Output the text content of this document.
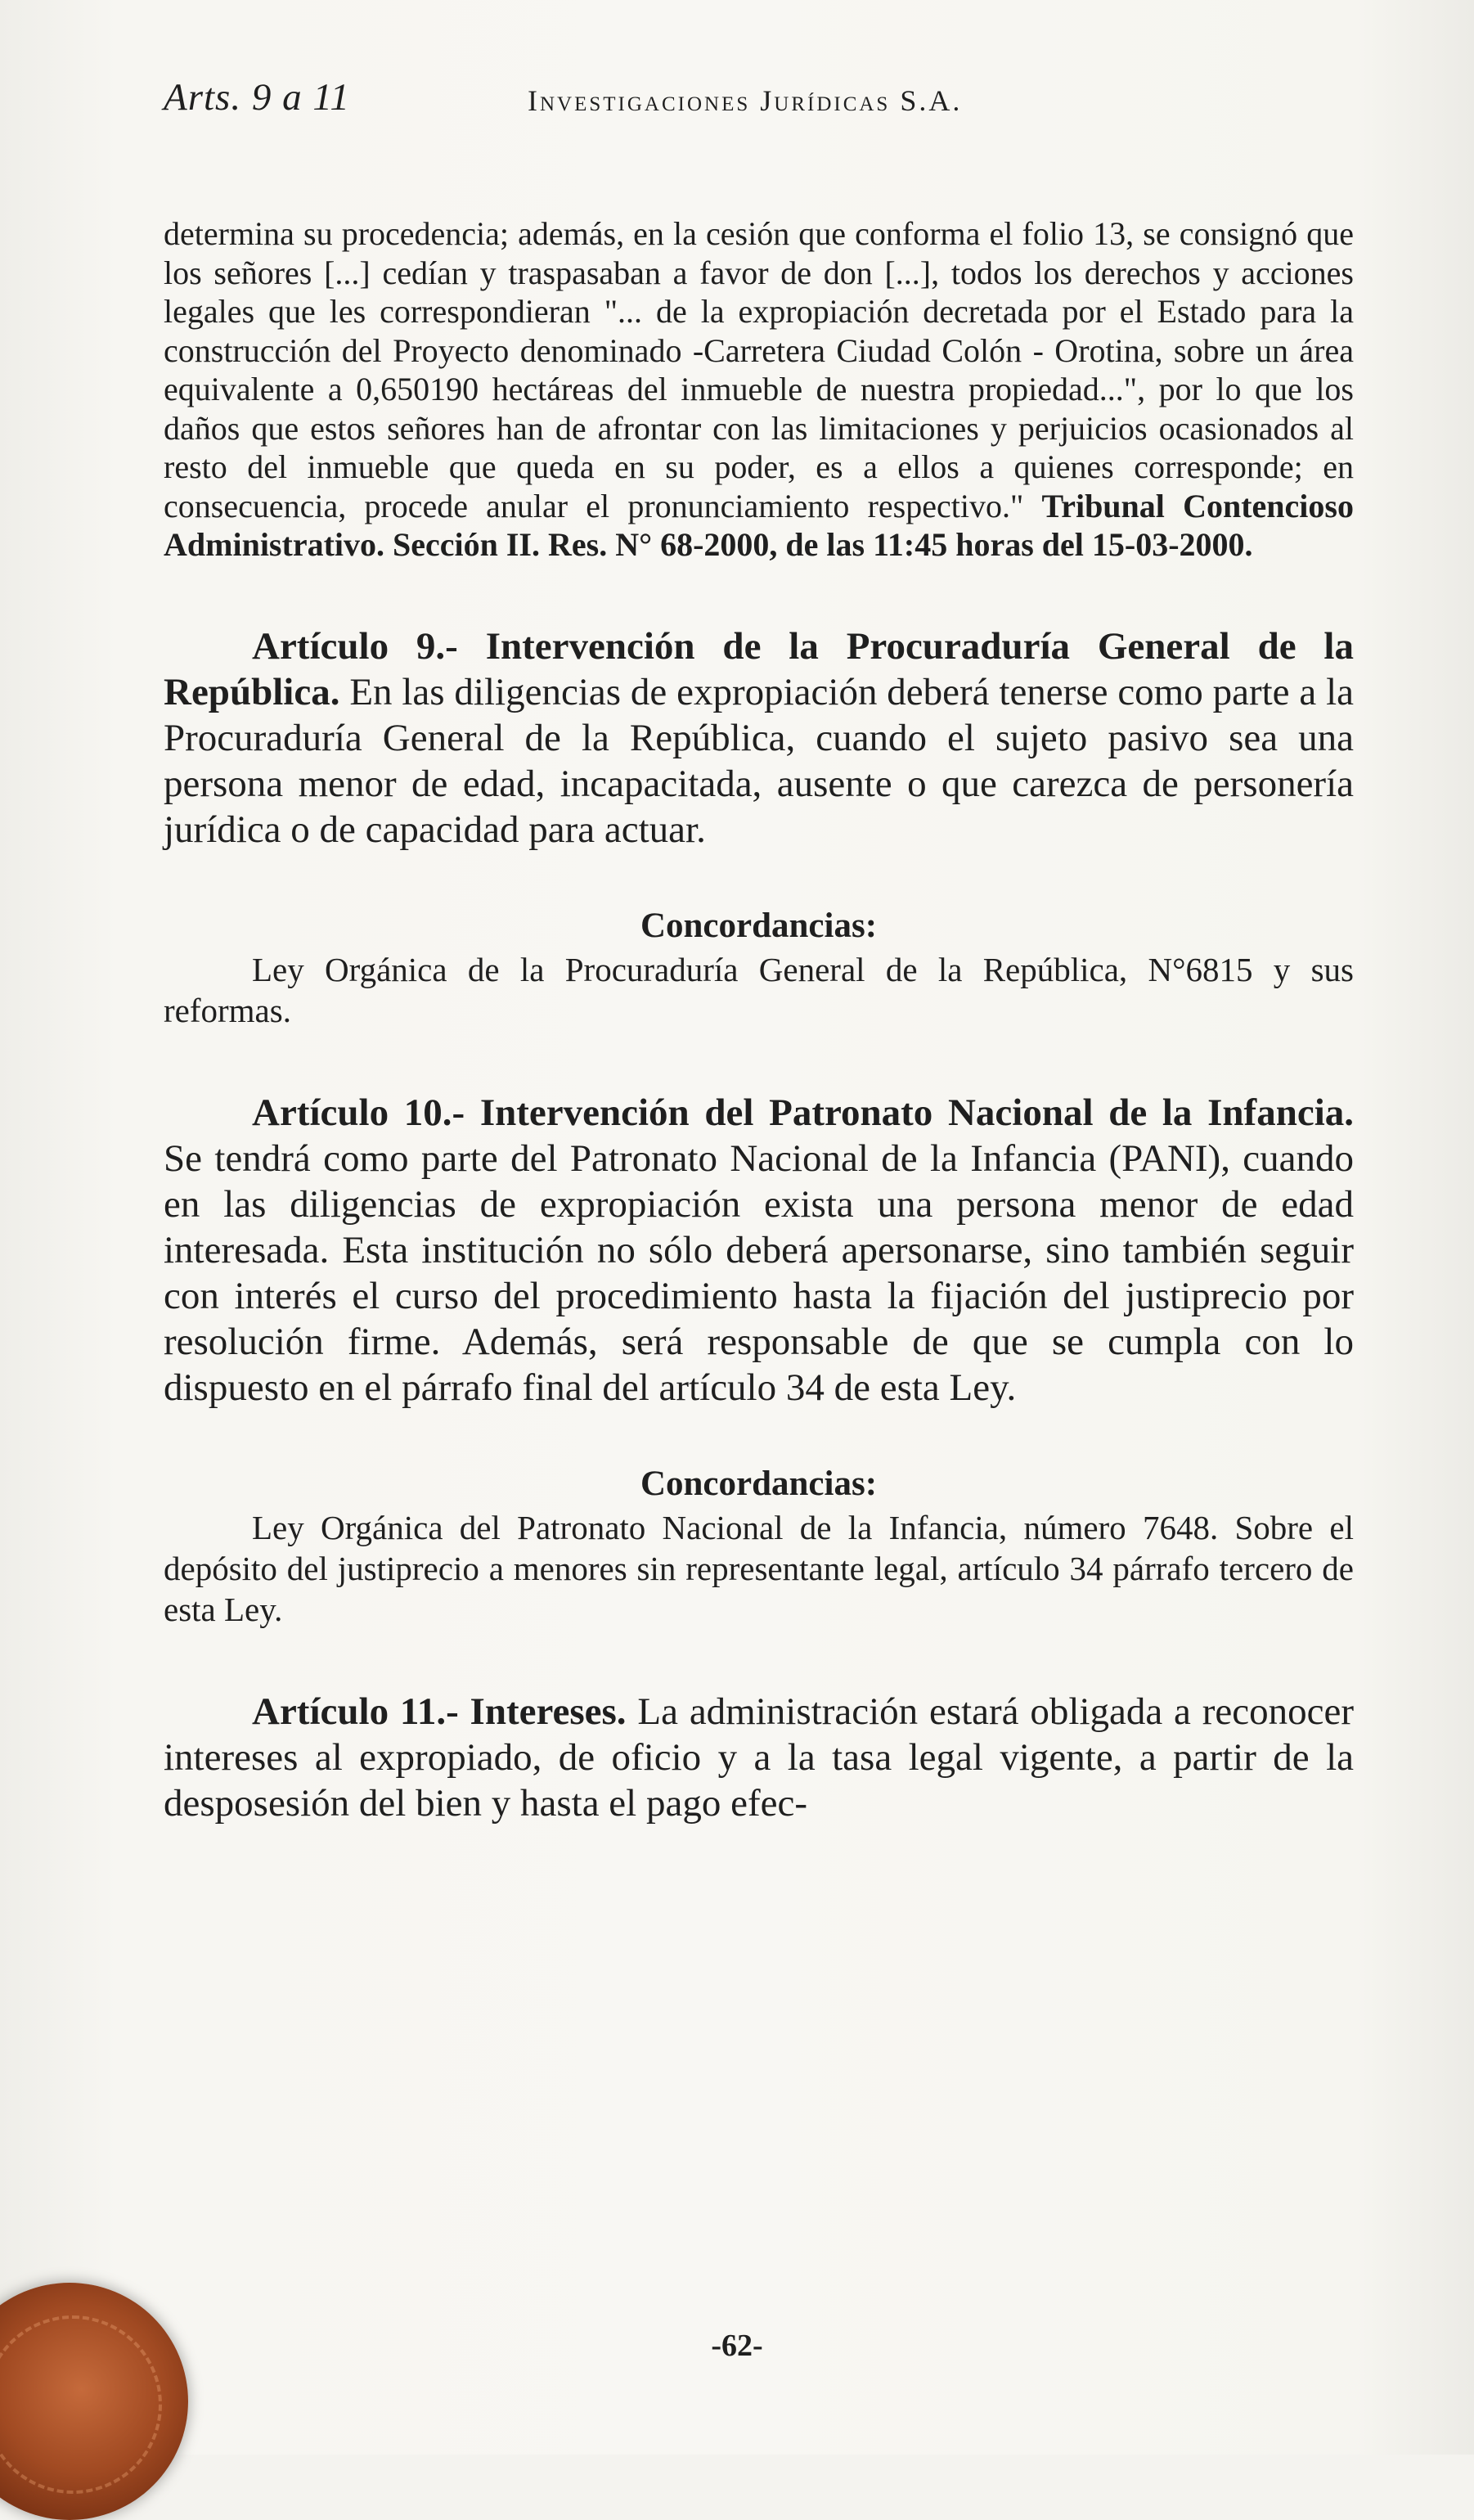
Arts. 9 a 11	Investigaciones Jurídicas S.A.

determina su procedencia; además, en la cesión que conforma el folio 13, se consignó que los señores [...] cedían y traspasaban a favor de don [...], todos los derechos y acciones legales que les correspondieran "... de la expropiación decretada por el Estado para la construcción del Proyecto denominado -Carretera Ciudad Colón - Orotina, sobre un área equivalente a 0,650190 hectáreas del inmueble de nuestra propiedad...", por lo que los daños que estos señores han de afrontar con las limitaciones y perjuicios ocasionados al resto del inmueble que queda en su poder, es a ellos a quienes corresponde; en consecuencia, procede anular el pronunciamiento respectivo." Tribunal Contencioso Administrativo. Sección II. Res. N° 68-2000, de las 11:45 horas del 15-03-2000.

Artículo 9.- Intervención de la Procuraduría General de la República. En las diligencias de expropiación deberá tenerse como parte a la Procuraduría General de la República, cuando el sujeto pasivo sea una persona menor de edad, incapacitada, ausente o que carezca de personería jurídica o de capacidad para actuar.

Concordancias:

Ley Orgánica de la Procuraduría General de la República, N°6815 y sus reformas.

Artículo 10.- Intervención del Patronato Nacional de la Infancia. Se tendrá como parte del Patronato Nacional de la Infancia (PANI), cuando en las diligencias de expropiación exista una persona menor de edad interesada. Esta institución no sólo deberá apersonarse, sino también seguir con interés el curso del procedimiento hasta la fijación del justiprecio por resolución firme. Además, será responsable de que se cumpla con lo dispuesto en el párrafo final del artículo 34 de esta Ley.

Concordancias:

Ley Orgánica del Patronato Nacional de la Infancia, número 7648. Sobre el depósito del justiprecio a menores sin representante legal, artículo 34 párrafo tercero de esta Ley.

Artículo 11.- Intereses. La administración estará obligada a reconocer intereses al expropiado, de oficio y a la tasa legal vigente, a partir de la desposesión del bien y hasta el pago efec-

-62-
